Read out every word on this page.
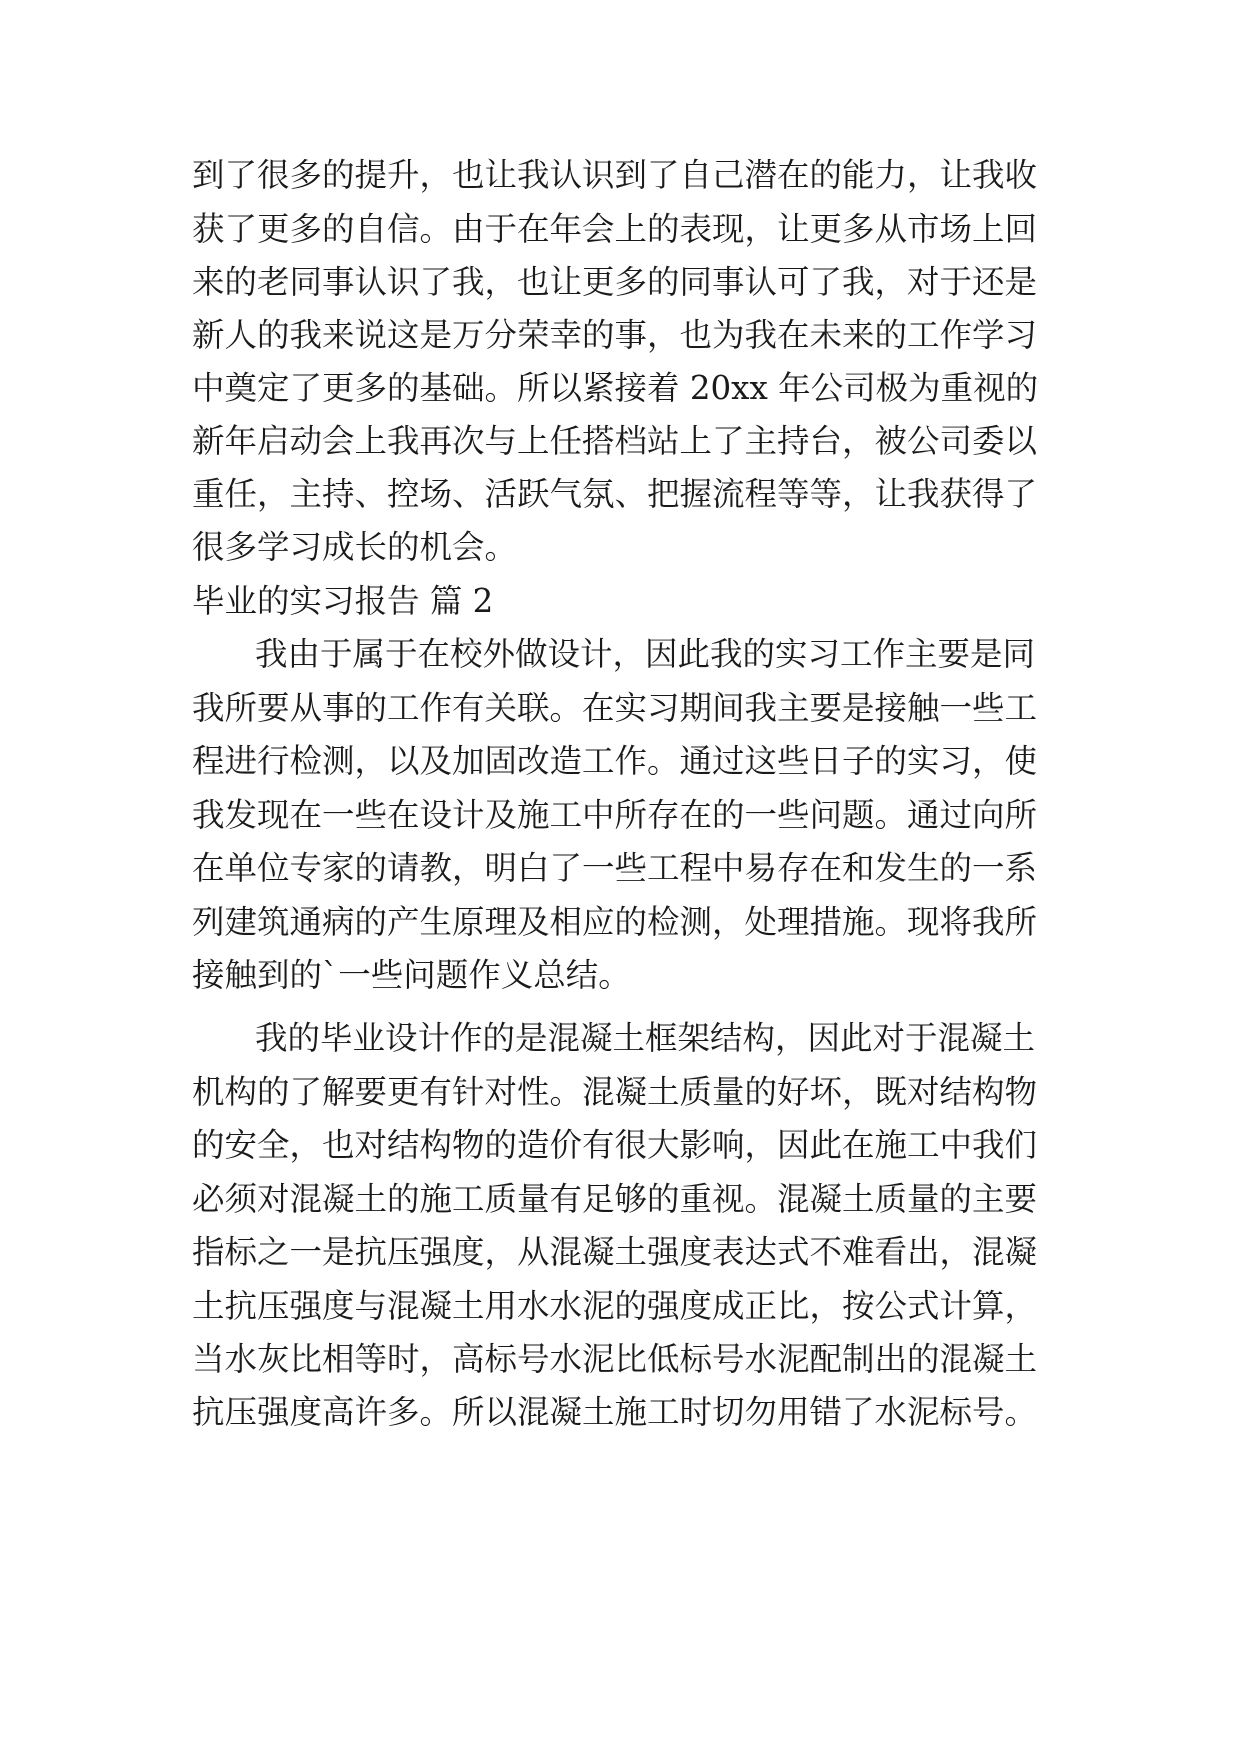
到了很多的提升，也让我认识到了自己潜在的能力，让我收

获了更多的自信。由于在年会上的表现，让更多从市场上回

来的老同事认识了我，也让更多的同事认可了我，对于还是

新人的我来说这是万分荣幸的事，也为我在未来的工作学习

中奠定了更多的基础。所以紧接着 20xx 年公司极为重视的

新年启动会上我再次与上任搭档站上了主持台，被公司委以

重任，主持、控场、活跃气氛、把握流程等等，让我获得了

很多学习成长的机会。

毕业的实习报告 篇 2

我由于属于在校外做设计，因此我的实习工作主要是同

我所要从事的工作有关联。在实习期间我主要是接触一些工

程进行检测，以及加固改造工作。通过这些日子的实习，使

我发现在一些在设计及施工中所存在的一些问题。通过向所

在单位专家的请教，明白了一些工程中易存在和发生的一系

列建筑通病的产生原理及相应的检测，处理措施。现将我所

接触到的`一些问题作义总结。

我的毕业设计作的是混凝土框架结构，因此对于混凝土

机构的了解要更有针对性。混凝土质量的好坏，既对结构物

的安全，也对结构物的造价有很大影响，因此在施工中我们

必须对混凝土的施工质量有足够的重视。混凝土质量的主要

指标之一是抗压强度，从混凝土强度表达式不难看出，混凝

土抗压强度与混凝土用水水泥的强度成正比，按公式计算，

当水灰比相等时，高标号水泥比低标号水泥配制出的混凝土

抗压强度高许多。所以混凝土施工时切勿用错了水泥标号。
